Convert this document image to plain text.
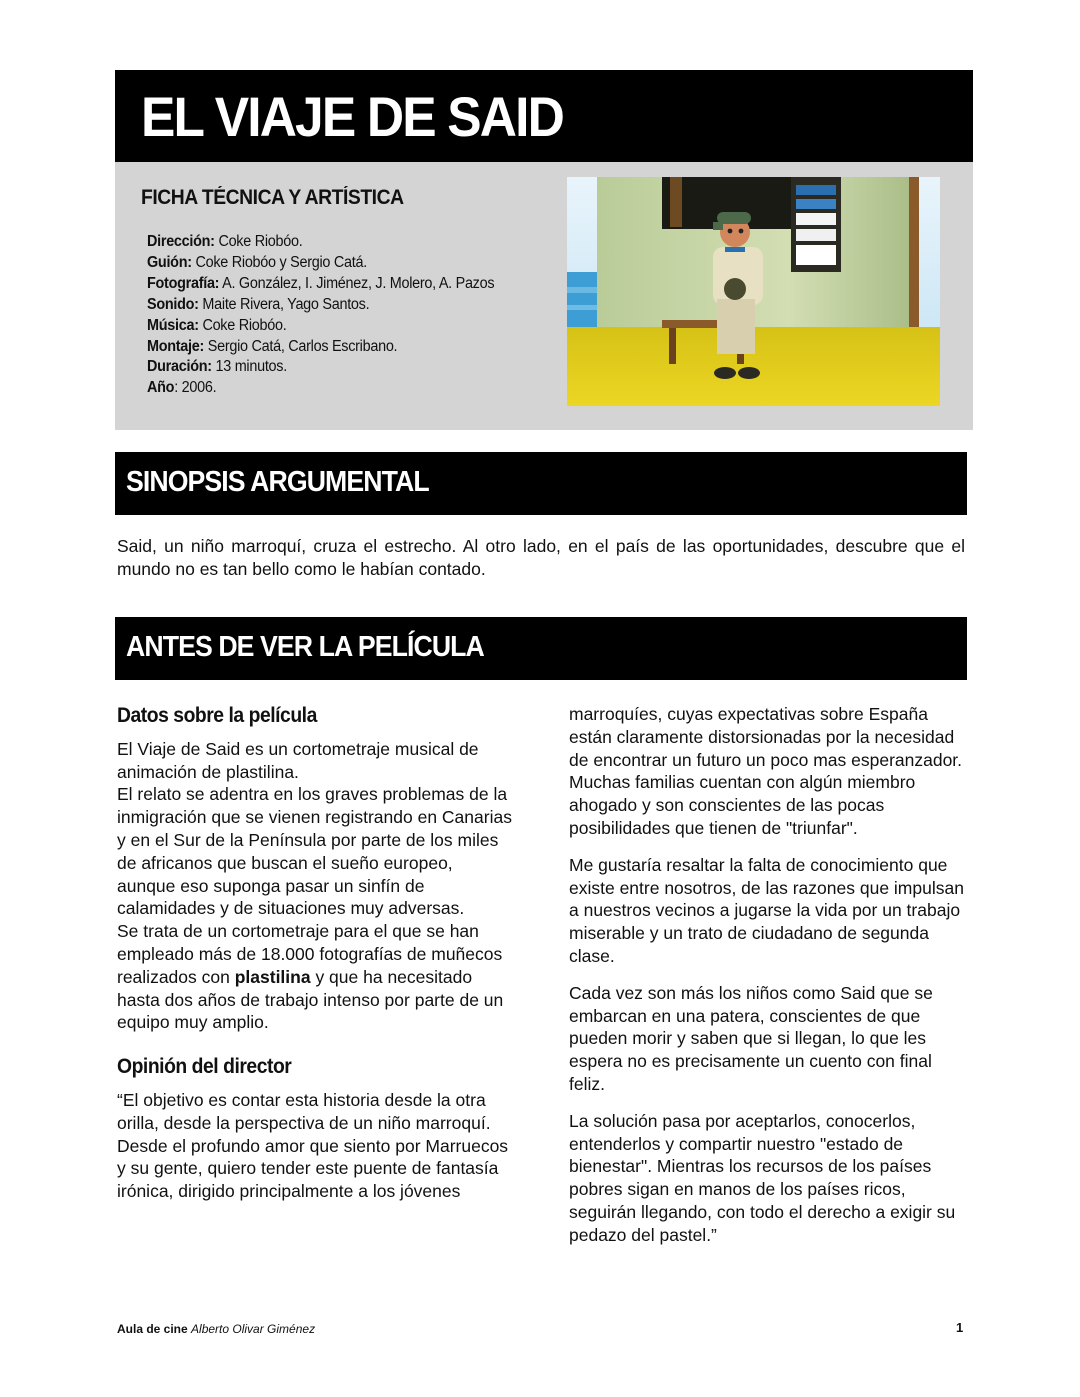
EL VIAJE DE SAID
FICHA TÉCNICA Y ARTÍSTICA
Dirección: Coke Riobóo.
Guión: Coke Riobóo y Sergio Catá.
Fotografía: A. González, I. Jiménez, J. Molero, A. Pazos
Sonido: Maite Rivera, Yago Santos.
Música: Coke Riobóo.
Montaje: Sergio Catá, Carlos Escribano.
Duración: 13 minutos.
Año: 2006.
SINOPSIS ARGUMENTAL

Said, un niño marroquí, cruza el estrecho. Al otro lado, en el país de las oportunidades, descubre que el mundo no es tan bello como le habían contado.

ANTES DE VER LA PELÍCULA
Datos sobre la película

El Viaje de Said es un cortometraje musical de animación de plastilina.

El relato se adentra en los graves problemas de la inmigración que se vienen registrando en Canarias y en el Sur de la Península por parte de los miles de africanos que buscan el sueño europeo, aunque eso suponga pasar un sinfín de calamidades y de situaciones muy adversas.

Se trata de un cortometraje para el que se han empleado más de 18.000 fotografías de muñecos realizados con plastilina y que ha necesitado hasta dos años de trabajo intenso por parte de un equipo muy amplio.

Opinión del director

“El objetivo es contar esta historia desde la otra orilla, desde la perspectiva de un niño marroquí. Desde el profundo amor que siento por Marruecos y su gente, quiero tender este puente de fantasía irónica, dirigido principalmente a los jóvenes

marroquíes, cuyas expectativas sobre España están claramente distorsionadas por la necesidad de encontrar un futuro un poco mas esperanzador.
Muchas familias cuentan con algún miembro ahogado y son conscientes de las pocas posibilidades que tienen de "triunfar".

Me gustaría resaltar la falta de conocimiento que existe entre nosotros, de las razones que impulsan a nuestros vecinos a jugarse la vida por un trabajo miserable y un trato de ciudadano de segunda clase.

Cada vez son más los niños como Said que se embarcan en una patera, conscientes de que pueden morir y saben que si llegan, lo que les espera no es precisamente un cuento con final feliz.

La solución pasa por aceptarlos, conocerlos, entenderlos y compartir nuestro "estado de bienestar". Mientras los recursos de los países pobres sigan en manos de los países ricos, seguirán llegando, con todo el derecho a exigir su pedazo del pastel.”

Aula de cine Alberto Olivar Giménez	1
